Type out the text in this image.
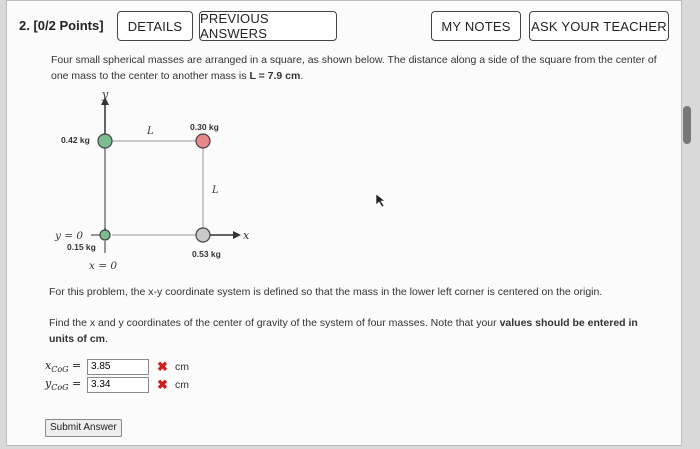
2. [0/2 Points]	DETAILS	PREVIOUS ANSWERS	MY NOTES	ASK YOUR TEACHER
Four small spherical masses are arranged in a square, as shown below. The distance along a side of the square from the center of one mass to the center to another mass is L = 7.9 cm.
y
x
L
L
0.42 kg
0.30 kg
0.15 kg
0.53 kg
y = 0
x = 0
For this problem, the x-y coordinate system is defined so that the mass in the lower left corner is centered on the origin.
Find the x and y coordinates of the center of gravity of the system of four masses. Note that your values should be entered in units of cm.
$x_{CoG}$ =
3.85	✖ cm
$y_{CoG}$ =
3.34	✖ cm
Submit Answer
